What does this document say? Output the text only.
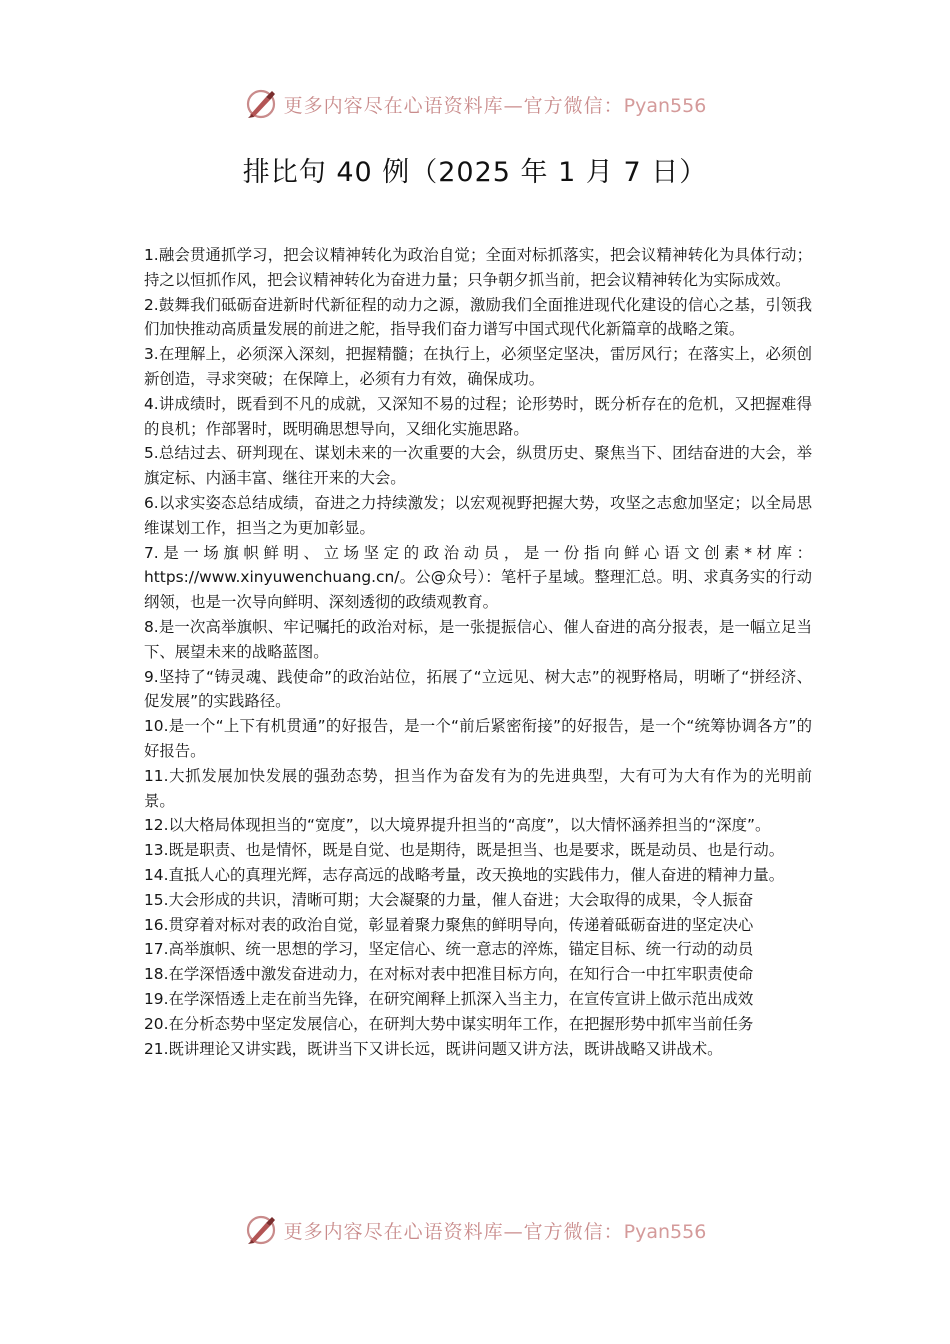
更多内容尽在心语资料库—官方微信：Pyan556
排比句 40 例（2025 年 1 月 7 日）

1.融会贯通抓学习，把会议精神转化为政治自觉；全面对标抓落实，把会议精神转化为具体行动；持之以恒抓作风，把会议精神转化为奋进力量；只争朝夕抓当前，把会议精神转化为实际成效。

2.鼓舞我们砥砺奋进新时代新征程的动力之源，激励我们全面推进现代化建设的信心之基，引领我们加快推动高质量发展的前进之舵，指导我们奋力谱写中国式现代化新篇章的战略之策。

3.在理解上，必须深入深刻，把握精髓；在执行上，必须坚定坚决，雷厉风行；在落实上，必须创新创造，寻求突破；在保障上，必须有力有效，确保成功。

4.讲成绩时，既看到不凡的成就，又深知不易的过程；论形势时，既分析存在的危机，又把握难得的良机；作部署时，既明确思想导向，又细化实施思路。

5.总结过去、研判现在、谋划未来的一次重要的大会，纵贯历史、聚焦当下、团结奋进的大会，举旗定标、内涵丰富、继往开来的大会。

6.以求实姿态总结成绩，奋进之力持续激发；以宏观视野把握大势，攻坚之志愈加坚定；以全局思维谋划工作，担当之为更加彰显。

7.是一场旗帜鲜明、立场坚定的政治动员，是一份指向鲜心语文创素*材库：https://www.xinyuwenchuang.cn/。公@众号）：笔杆子星域。整理汇总。明、求真务实的行动纲领，也是一次导向鲜明、深刻透彻的政绩观教育。

8.是一次高举旗帜、牢记嘱托的政治对标，是一张提振信心、催人奋进的高分报表，是一幅立足当下、展望未来的战略蓝图。

9.坚持了“铸灵魂、践使命”的政治站位，拓展了“立远见、树大志”的视野格局，明晰了“拼经济、促发展”的实践路径。

10.是一个“上下有机贯通”的好报告，是一个“前后紧密衔接”的好报告，是一个“统筹协调各方”的好报告。

11.大抓发展加快发展的强劲态势，担当作为奋发有为的先进典型，大有可为大有作为的光明前景。

12.以大格局体现担当的“宽度”，以大境界提升担当的“高度”，以大情怀涵养担当的“深度”。

13.既是职责、也是情怀，既是自觉、也是期待，既是担当、也是要求，既是动员、也是行动。

14.直抵人心的真理光辉，志存高远的战略考量，改天换地的实践伟力，催人奋进的精神力量。

15.大会形成的共识，清晰可期；大会凝聚的力量，催人奋进；大会取得的成果，令人振奋

16.贯穿着对标对表的政治自觉，彰显着聚力聚焦的鲜明导向，传递着砥砺奋进的坚定决心

17.高举旗帜、统一思想的学习，坚定信心、统一意志的淬炼，锚定目标、统一行动的动员

18.在学深悟透中激发奋进动力，在对标对表中把准目标方向，在知行合一中扛牢职责使命

19.在学深悟透上走在前当先锋，在研究阐释上抓深入当主力，在宣传宣讲上做示范出成效

20.在分析态势中坚定发展信心，在研判大势中谋实明年工作，在把握形势中抓牢当前任务

21.既讲理论又讲实践，既讲当下又讲长远，既讲问题又讲方法，既讲战略又讲战术。

更多内容尽在心语资料库—官方微信：Pyan556
